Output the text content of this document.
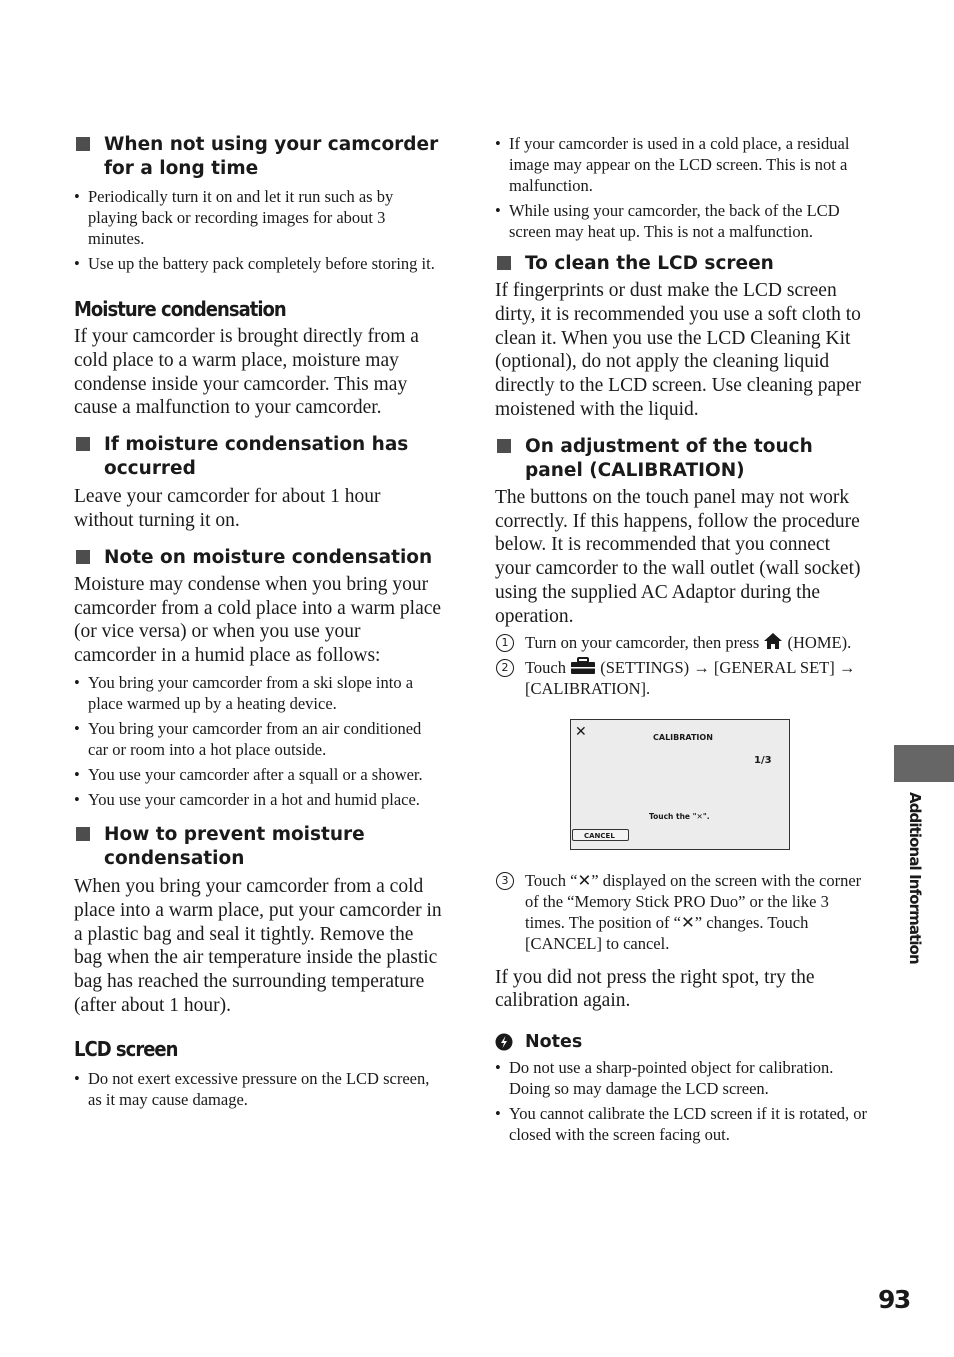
When not using your camcorder for a long time
• Periodically turn it on and let it run such as by playing back or recording images for about 3 minutes.
• Use up the battery pack completely before storing it.
Moisture condensation
If your camcorder is brought directly from a cold place to a warm place, moisture may condense inside your camcorder. This may cause a malfunction to your camcorder.
If moisture condensation has occurred
Leave your camcorder for about 1 hour without turning it on.
Note on moisture condensation
Moisture may condense when you bring your camcorder from a cold place into a warm place (or vice versa) or when you use your camcorder in a humid place as follows:
• You bring your camcorder from a ski slope into a place warmed up by a heating device.
• You bring your camcorder from an air conditioned car or room into a hot place outside.
• You use your camcorder after a squall or a shower.
• You use your camcorder in a hot and humid place.
How to prevent moisture condensation
When you bring your camcorder from a cold place into a warm place, put your camcorder in a plastic bag and seal it tightly. Remove the bag when the air temperature inside the plastic bag has reached the surrounding temperature (after about 1 hour).
LCD screen
• Do not exert excessive pressure on the LCD screen, as it may cause damage.
• If your camcorder is used in a cold place, a residual image may appear on the LCD screen. This is not a malfunction.
• While using your camcorder, the back of the LCD screen may heat up. This is not a malfunction.
To clean the LCD screen
If fingerprints or dust make the LCD screen dirty, it is recommended you use a soft cloth to clean it. When you use the LCD Cleaning Kit (optional), do not apply the cleaning liquid directly to the LCD screen. Use cleaning paper moistened with the liquid.
On adjustment of the touch panel (CALIBRATION)
The buttons on the touch panel may not work correctly. If this happens, follow the procedure below. It is recommended that you connect your camcorder to the wall outlet (wall socket) using the supplied AC Adaptor during the operation.
1	Turn on your camcorder, then press (HOME).
2	Touch (SETTINGS) → [GENERAL SET] → [CALIBRATION].
✕	CALIBRATION
1/3
Touch the "✕".
CANCEL
3	Touch “✕” displayed on the screen with the corner of the “Memory Stick PRO Duo” or the like 3 times. The position of “✕” changes. Touch [CANCEL] to cancel.
If you did not press the right spot, try the calibration again.
Notes
• Do not use a sharp-pointed object for calibration. Doing so may damage the LCD screen.
• You cannot calibrate the LCD screen if it is rotated, or closed with the screen facing out.
Additional Information
93
